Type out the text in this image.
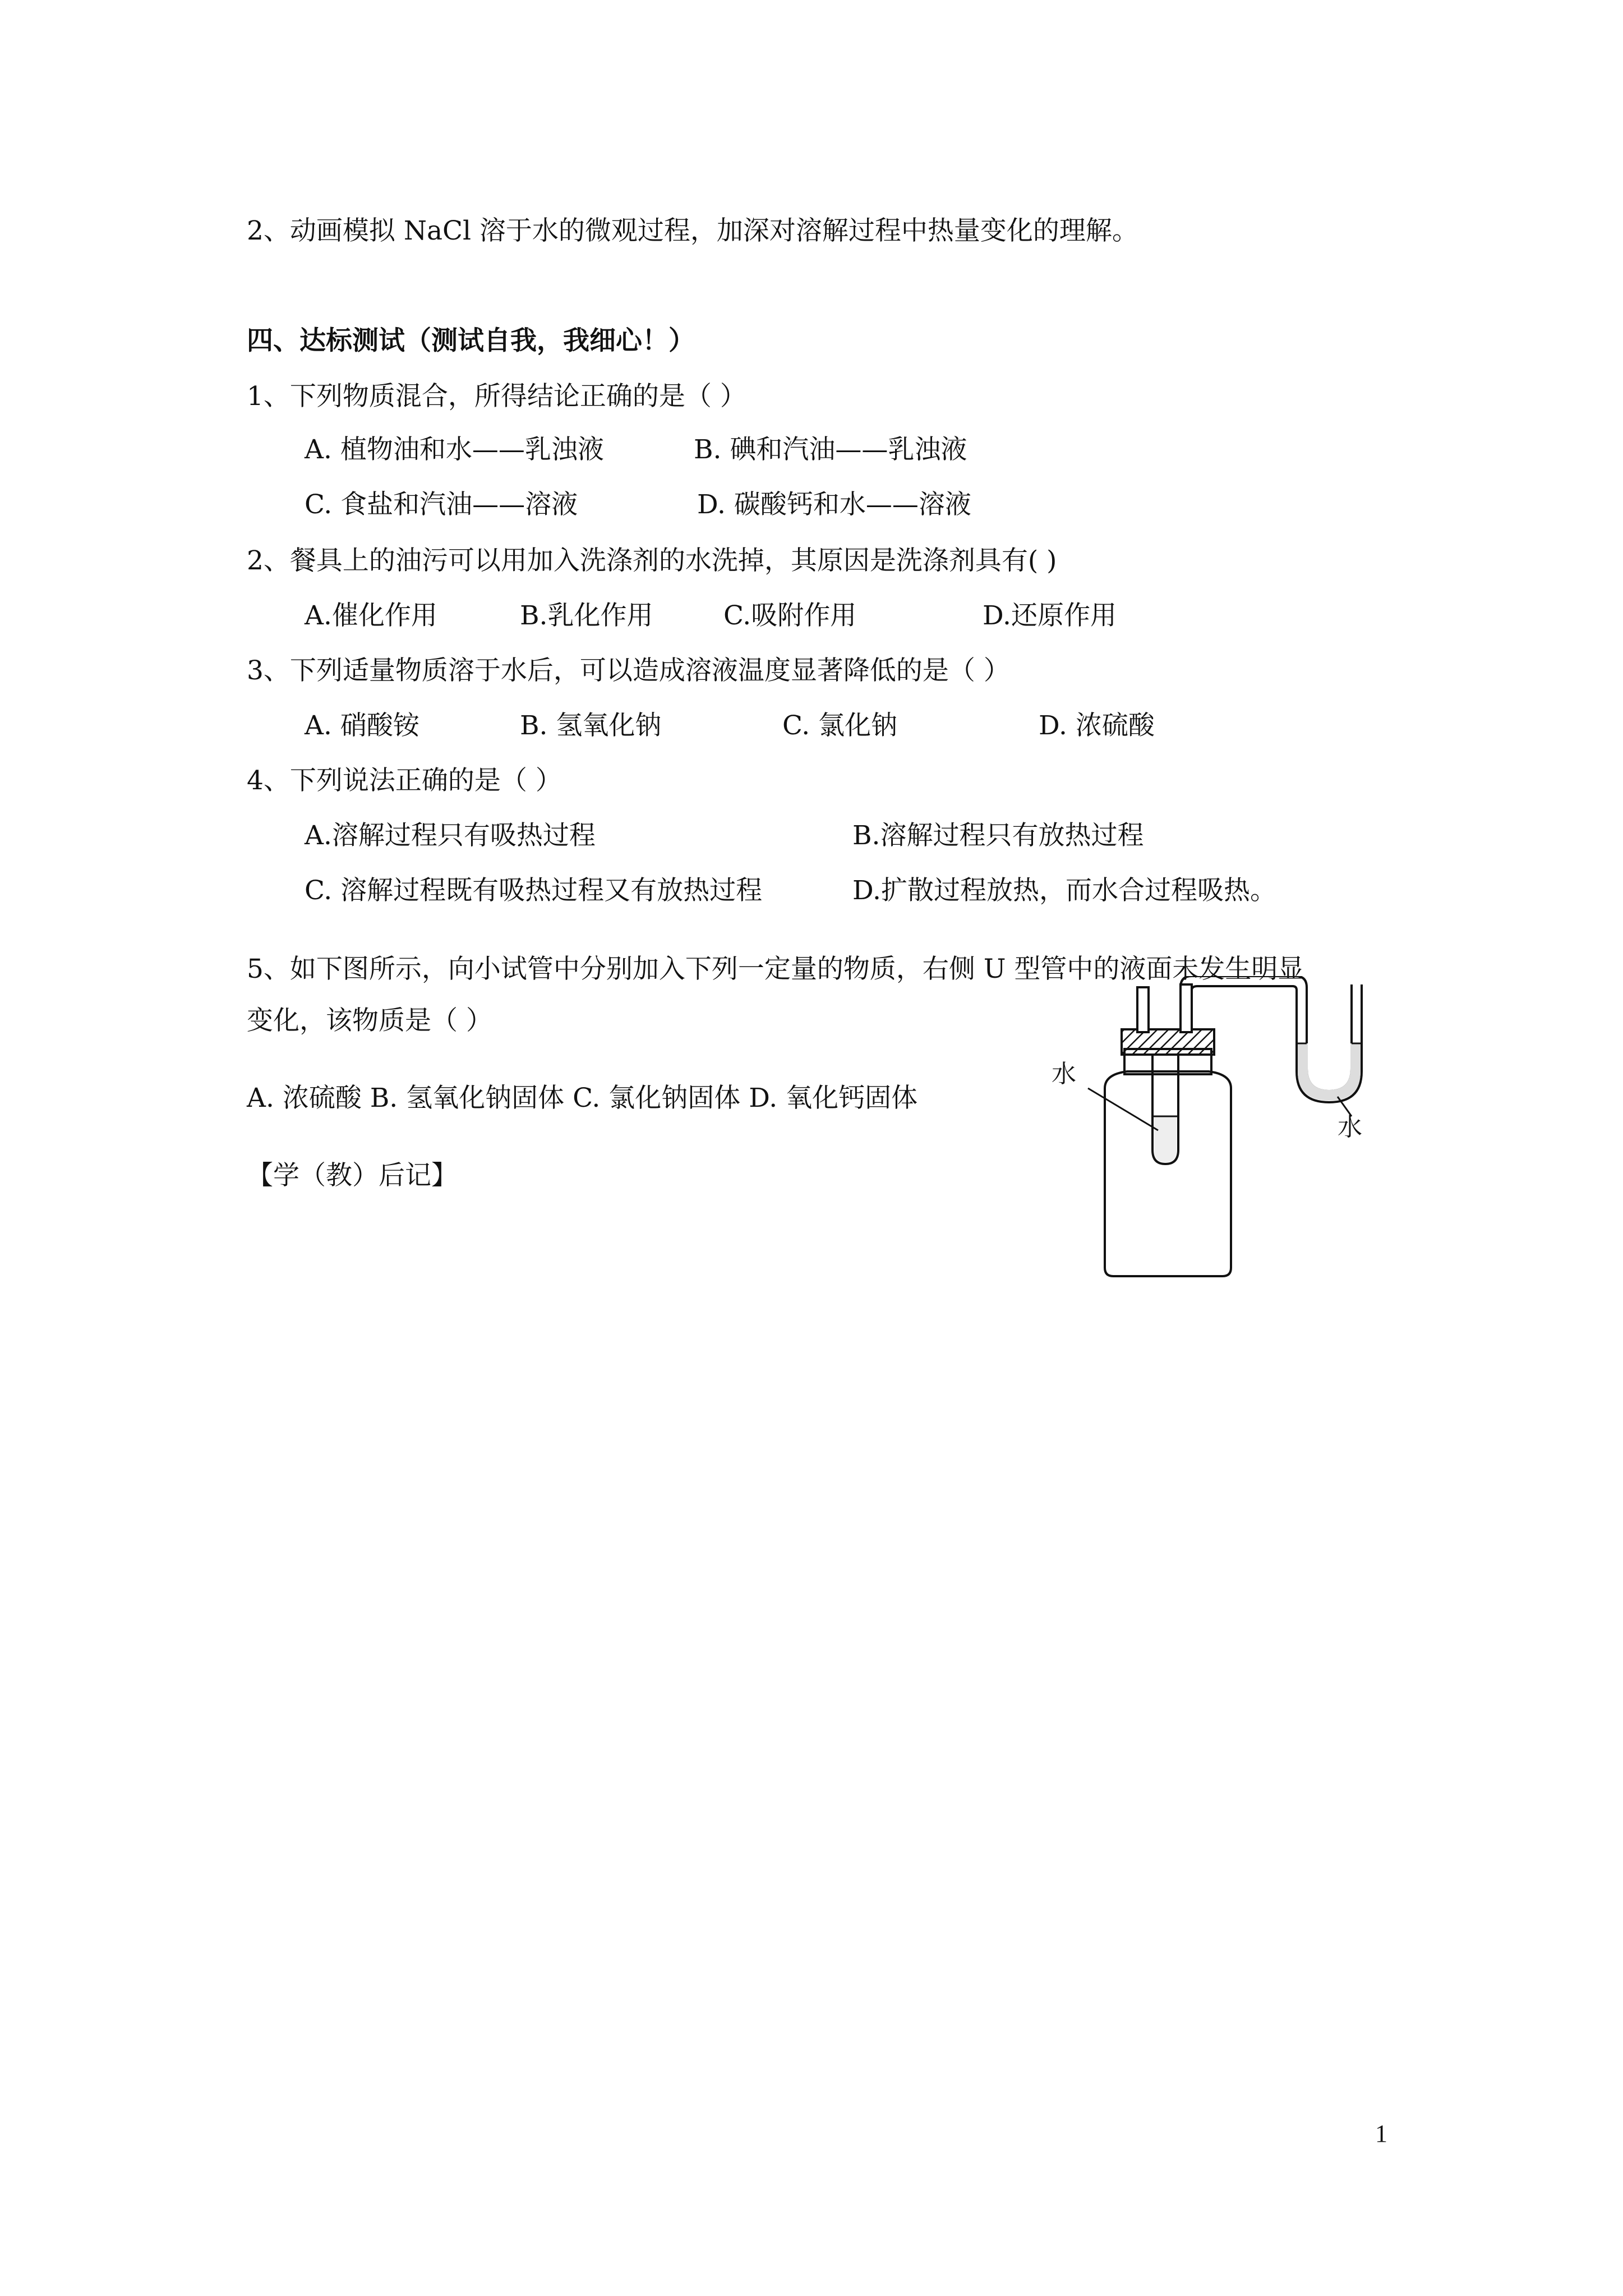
2、动画模拟 NaCl 溶于水的微观过程，加深对溶解过程中热量变化的理解。
四、达标测试（测试自我，我细心！）
1、下列物质混合，所得结论正确的是（ ）
A. 植物油和水——乳浊液	B. 碘和汽油——乳浊液
C. 食盐和汽油——溶液	D. 碳酸钙和水——溶液
2、餐具上的油污可以用加入洗涤剂的水洗掉，其原因是洗涤剂具有( )
A.催化作用	B.乳化作用	C.吸附作用	D.还原作用
3、下列适量物质溶于水后，可以造成溶液温度显著降低的是（ ）
A. 硝酸铵	B. 氢氧化钠	C. 氯化钠	D. 浓硫酸
4、下列说法正确的是（ ）
A.溶解过程只有吸热过程	B.溶解过程只有放热过程
C. 溶解过程既有吸热过程又有放热过程	D.扩散过程放热，而水合过程吸热。
5、如下图所示，向小试管中分别加入下列一定量的物质，右侧 U 型管中的液面未发生明显
变化，该物质是（ ）
A. 浓硫酸 B. 氢氧化钠固体 C. 氯化钠固体 D. 氧化钙固体
【学（教）后记】
水
水
1
